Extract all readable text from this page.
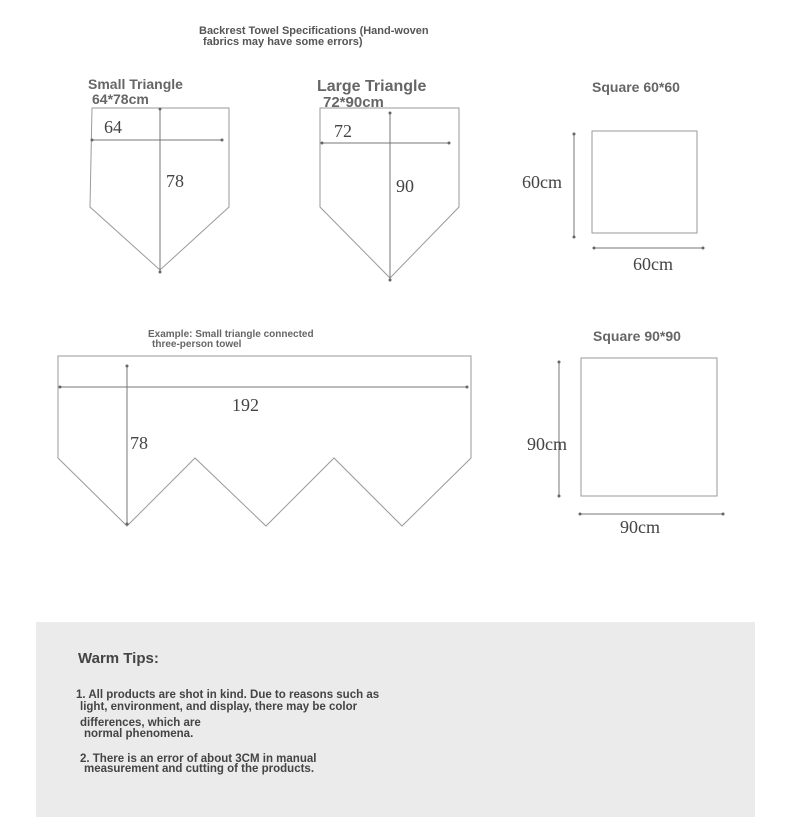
Backrest Towel Specifications (Hand-woven
fabrics may have some errors)
Small Triangle
64*78cm
Large Triangle
72*90cm
Square 60*60
Example: Small triangle connected
three-person towel
Square 90*90
64
78
72
90	60cm
60cm
192
78	90cm
90cm
Warm Tips:
1. All products are shot in kind. Due to reasons such as
light, environment, and display, there may be color
differences, which are
normal phenomena.
2. There is an error of about 3CM in manual
measurement and cutting of the products.
